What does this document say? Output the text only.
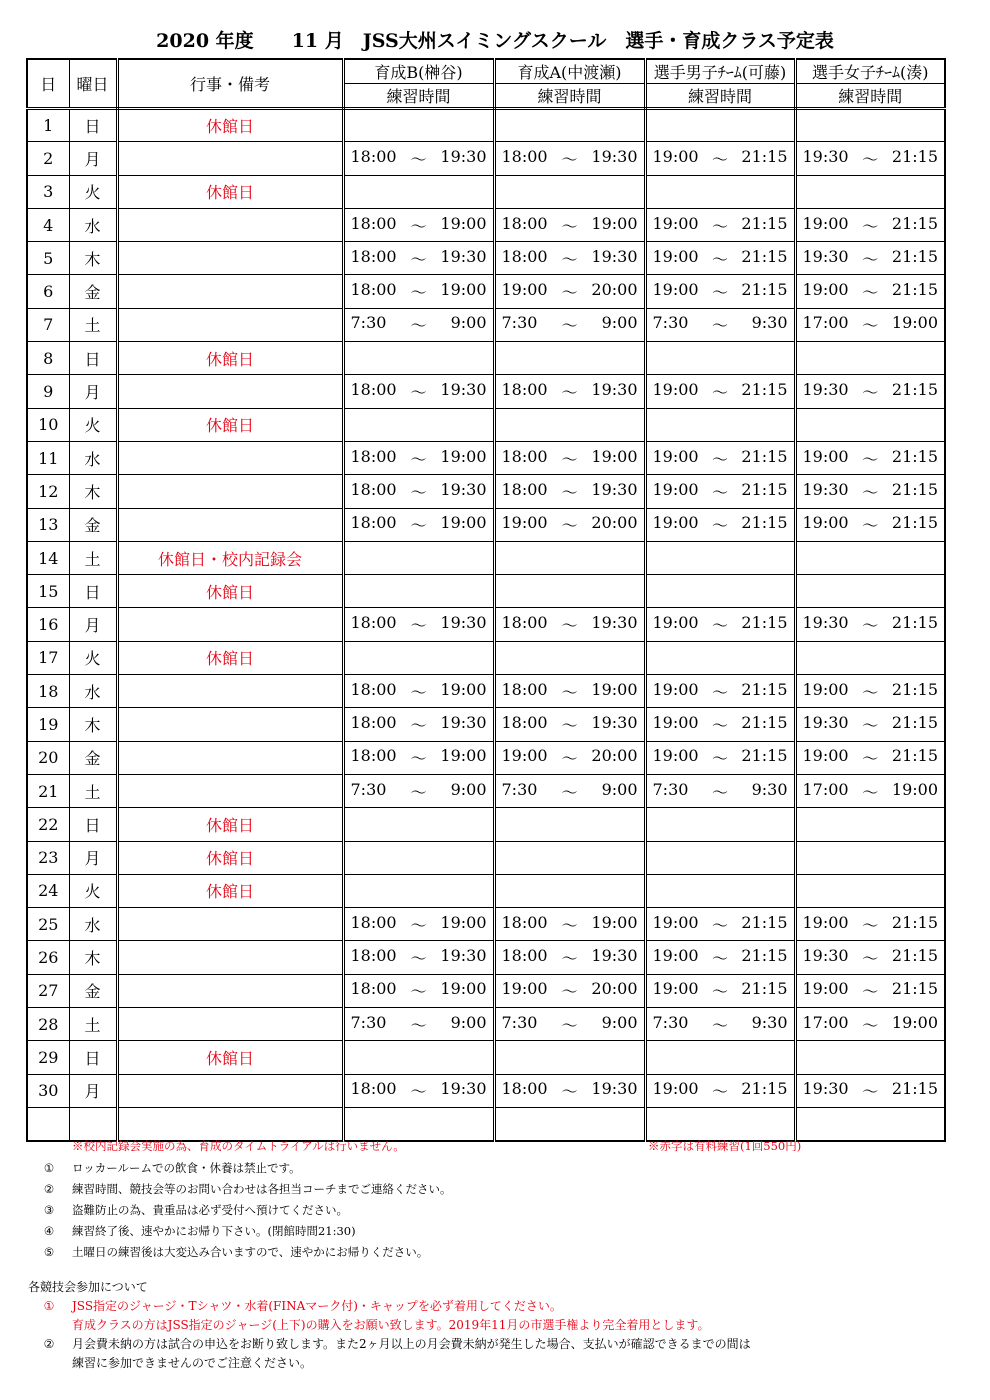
2020 年度　　11 月　JSS大州スイミングスクール　選手・育成クラス予定表
日	曜日	行事・備考	育成B(榊谷)	育成A(中渡瀬)	選手男子ﾁｰﾑ(可藤)	選手女子ﾁｰﾑ(湊)
			練習時間	練習時間	練習時間	練習時間
1	日	休館日				
2	月		18:00 ～ 19:30	18:00 ～ 19:30	19:00 ～ 21:15	19:30 ～ 21:15

3	火	休館日				
4	水		18:00 ～ 19:00	18:00 ～ 19:00	19:00 ～ 21:15	19:00 ～ 21:15

5	木		18:00 ～ 19:30	18:00 ～ 19:30	19:00 ～ 21:15	19:30 ～ 21:15

6	金		18:00 ～ 19:00	19:00 ～ 20:00	19:00 ～ 21:15	19:00 ～ 21:15

7	土		7:30 ～ 9:00	7:30 ～ 9:00	7:30 ～ 9:30	17:00 ～ 19:00

8	日	休館日				
9	月		18:00 ～ 19:30	18:00 ～ 19:30	19:00 ～ 21:15	19:30 ～ 21:15

10	火	休館日				
11	水		18:00 ～ 19:00	18:00 ～ 19:00	19:00 ～ 21:15	19:00 ～ 21:15

12	木		18:00 ～ 19:30	18:00 ～ 19:30	19:00 ～ 21:15	19:30 ～ 21:15

13	金		18:00 ～ 19:00	19:00 ～ 20:00	19:00 ～ 21:15	19:00 ～ 21:15

14	土	休館日・校内記録会				
15	日	休館日				
16	月		18:00 ～ 19:30	18:00 ～ 19:30	19:00 ～ 21:15	19:30 ～ 21:15

17	火	休館日				
18	水		18:00 ～ 19:00	18:00 ～ 19:00	19:00 ～ 21:15	19:00 ～ 21:15

19	木		18:00 ～ 19:30	18:00 ～ 19:30	19:00 ～ 21:15	19:30 ～ 21:15

20	金		18:00 ～ 19:00	19:00 ～ 20:00	19:00 ～ 21:15	19:00 ～ 21:15

21	土		7:30 ～ 9:00	7:30 ～ 9:00	7:30 ～ 9:30	17:00 ～ 19:00

22	日	休館日				
23	月	休館日				
24	火	休館日				
25	水		18:00 ～ 19:00	18:00 ～ 19:00	19:00 ～ 21:15	19:00 ～ 21:15

26	木		18:00 ～ 19:30	18:00 ～ 19:30	19:00 ～ 21:15	19:30 ～ 21:15

27	金		18:00 ～ 19:00	19:00 ～ 20:00	19:00 ～ 21:15	19:00 ～ 21:15

28	土		7:30 ～ 9:00	7:30 ～ 9:00	7:30 ～ 9:30	17:00 ～ 19:00

29	日	休館日				
30	月		18:00 ～ 19:30	18:00 ～ 19:30	19:00 ～ 21:15	19:30 ～ 21:15

※校内記録会実施の為、育成のタイムトライアルは行いません。	※赤字は有料練習(1回550円)
①	ロッカールームでの飲食・休養は禁止です。
②	練習時間、競技会等のお問い合わせは各担当コーチまでご連絡ください。
③	盗難防止の為、貴重品は必ず受付へ預けてください。
④	練習終了後、速やかにお帰り下さい。(閉館時間21:30)
⑤	土曜日の練習後は大変込み合いますので、速やかにお帰りください。
各競技会参加について
①	JSS指定のジャージ・Tシャツ・水着(FINAマーク付)・キャップを必ず着用してください。
育成クラスの方はJSS指定のジャージ(上下)の購入をお願い致します。2019年11月の市選手権より完全着用とします。
②	月会費未納の方は試合の申込をお断り致します。また2ヶ月以上の月会費未納が発生した場合、支払いが確認できるまでの間は
練習に参加できませんのでご注意ください。
